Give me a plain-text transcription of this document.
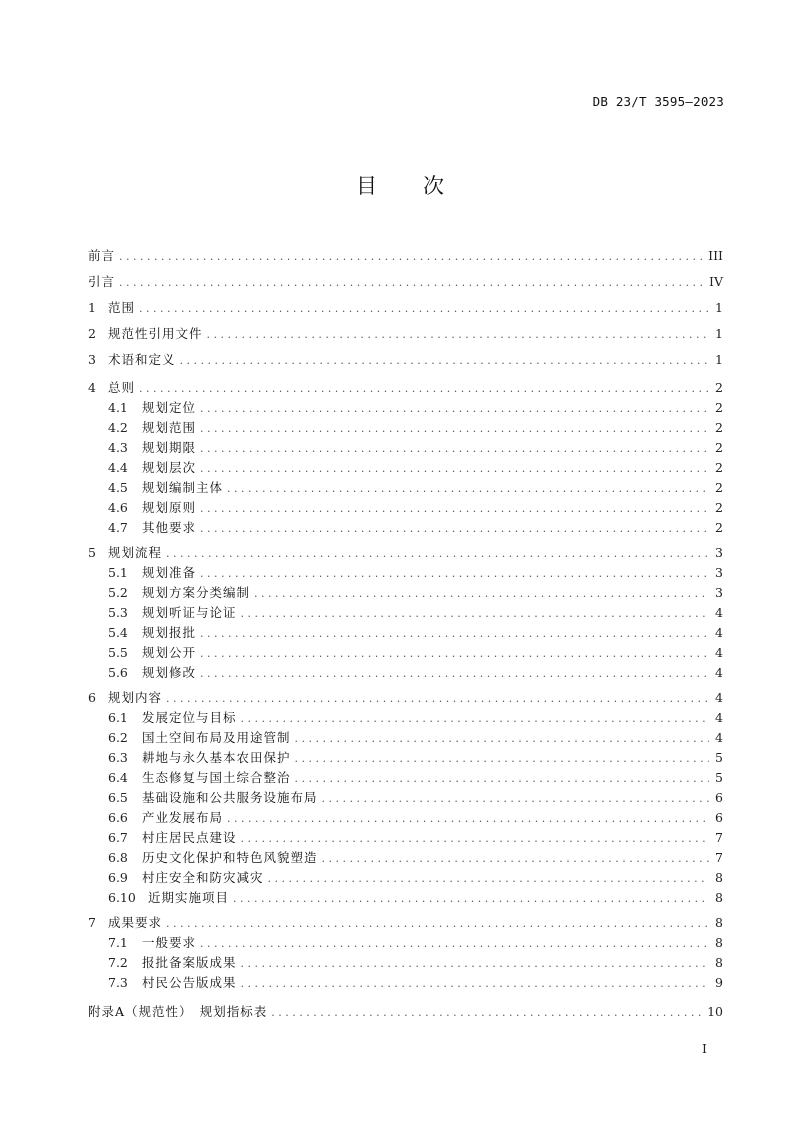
DB 23/T 3595—2023
目次
前言 . . .	III
引言 . . .	IV
1 范围 . . .	1
2 规范性引用文件 . . .	1
3 术语和定义 . . .	1
4 总则 . . .	2
4.1	规划定位 . . .	2
4.2	规划范围 . . .	2
4.3	规划期限 . . .	2
4.4	规划层次 . . .	2
4.5	规划编制主体 . . .	2
4.6	规划原则 . . .	2
4.7	其他要求 . . .	2
5 规划流程 . . .	3
5.1	规划准备 . . .	3
5.2	规划方案分类编制 . . .	3
5.3	规划听证与论证 . . .	4
5.4	规划报批 . . .	4
5.5	规划公开 . . .	4
5.6	规划修改 . . .	4
6 规划内容 . . .	4
6.1	发展定位与目标 . . .	4
6.2	国土空间布局及用途管制 . . .	4
6.3	耕地与永久基本农田保护 . . .	5
6.4	生态修复与国土综合整治 . . .	5
6.5	基础设施和公共服务设施布局 . . .	6
6.6	产业发展布局 . . .	6
6.7	村庄居民点建设 . . .	7
6.8	历史文化保护和特色风貌塑造 . . .	7
6.9	村庄安全和防灾减灾 . . .	8
6.10 近期实施项目 . . .	8
7 成果要求 . . .	8
7.1	一般要求 . . .	8
7.2	报批备案版成果 . . .	8
7.3	村民公告版成果 . . .	9
附录A（规范性）　规划指标表 . . .	10
I
